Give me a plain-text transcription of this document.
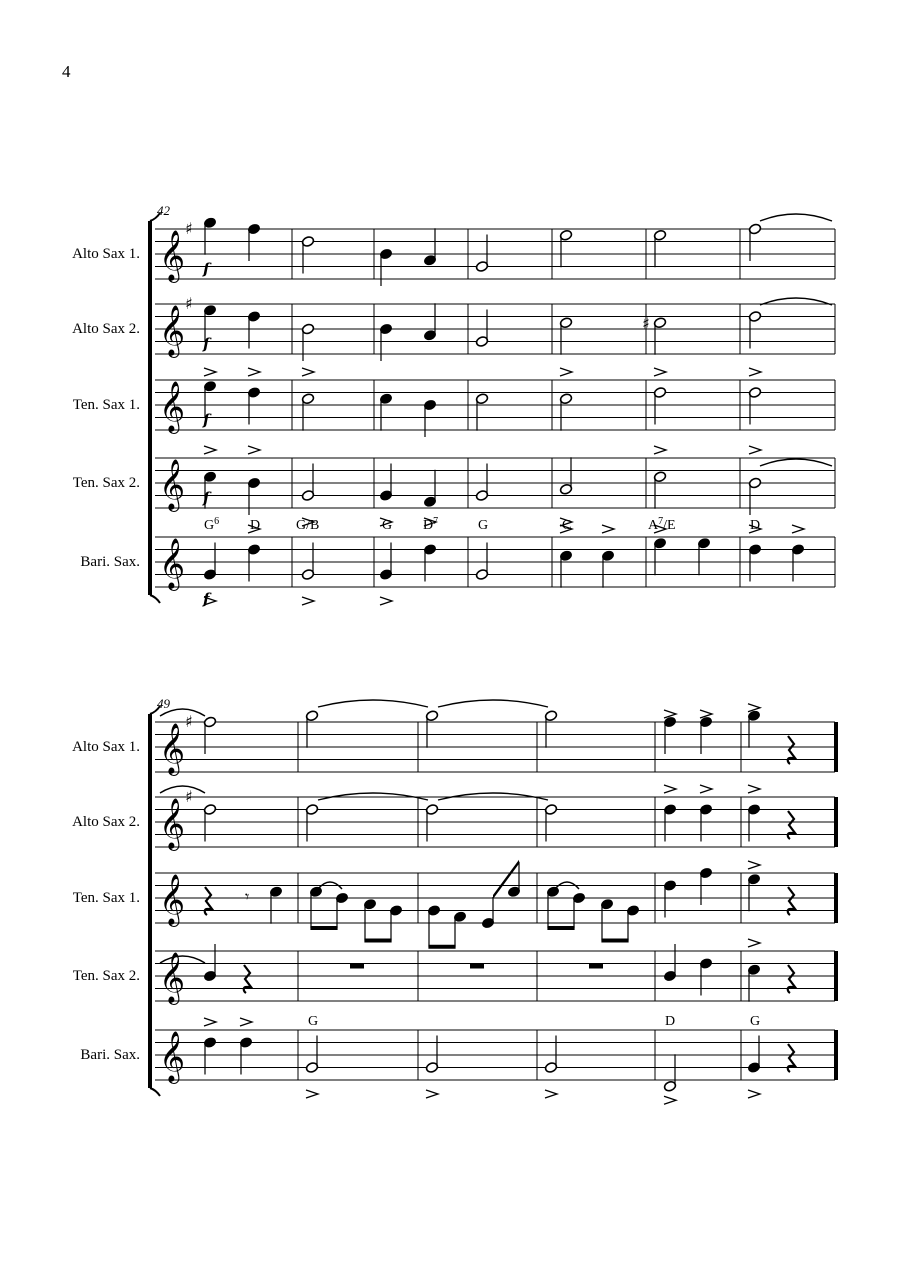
4
Alto Sax 1.
Alto Sax 2.
Ten. Sax 1.
Ten. Sax 2.
Bari. Sax.
42
𝄞
♯
𝄞
♯
𝄞
𝄞
𝄞
Alto Sax 1.
Alto Sax 2.
Ten. Sax 1.
Ten. Sax 2.
Bari. Sax.
49
𝄞
♯
𝄞
♯
𝄞
𝄞
𝄞
♯
f
f
f
f
f
$G^6$ D	G/B	G $D^7$	G	C	$A^7/E$	D
𝄾
G	D	G
